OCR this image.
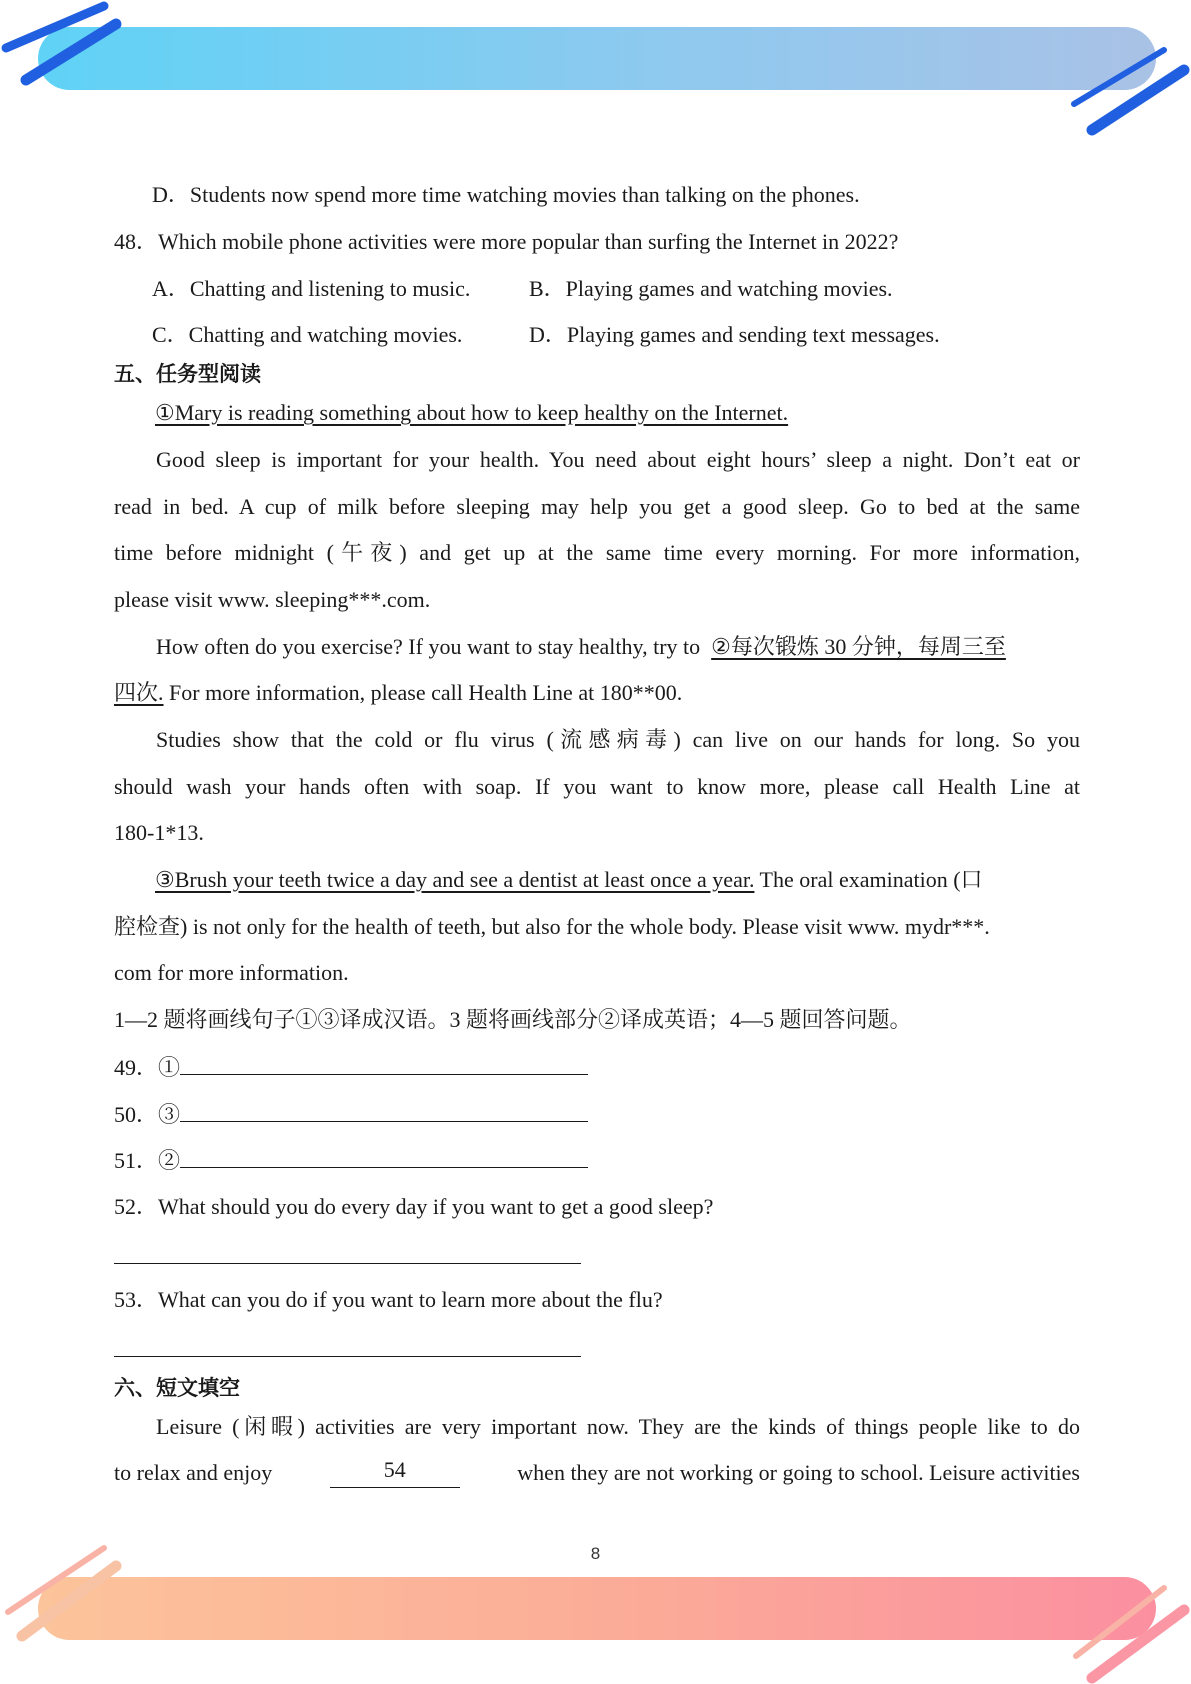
D．Students now spend more time watching movies than talking on the phones.
48．Which mobile phone activities were more popular than surfing the Internet in 2022?
A．Chatting and listening to music.	B．Playing games and watching movies.
C．Chatting and watching movies.	D．Playing games and sending text messages.
五、任务型阅读
①Mary is reading something about how to keep healthy on the Internet.
Good sleep is important for your health. You need about eight hours’ sleep a night. Don’t eat or
read in bed. A cup of milk before sleeping may help you get a good sleep. Go to bed at the same
time before midnight (午夜) and get up at the same time every morning. For more information,
please visit www. sleeping***.com.
How often do you exercise? If you want to stay healthy, try to ②每次锻炼 30 分钟，每周三至
四次. For more information, please call Health Line at 180**00.
Studies show that the cold or flu virus (流感病毒) can live on our hands for long. So you
should wash your hands often with soap. If you want to know more, please call Health Line at
180-1*13.
③Brush your teeth twice a day and see a dentist at least once a year. The oral examination (口
腔检查) is not only for the health of teeth, but also for the whole body. Please visit www. mydr***.
com for more information.
1—2 题将画线句子①③译成汉语。3 题将画线部分②译成英语；4—5 题回答问题。
49．①
50．③
51．②
52．What should you do every day if you want to get a good sleep?
53．What can you do if you want to learn more about the flu?
六、短文填空
Leisure (闲暇) activities are very important now. They are the kinds of things people like to do
to relax and enjoy	54	when they are not working or going to school. Leisure activities
8
